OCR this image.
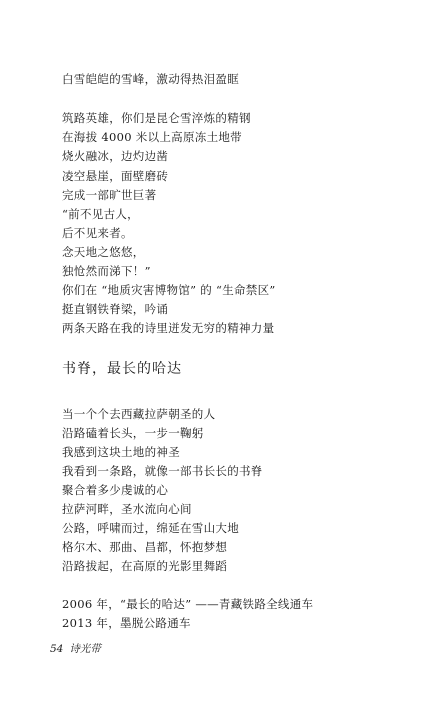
白雪皑皑的雪峰，激动得热泪盈眶
筑路英雄，你们是昆仑雪淬炼的精钢
在海拔 4000 米以上高原冻土地带
烧火融冰，边灼边凿
凌空悬崖，面壁磨砖
完成一部旷世巨著
“前不见古人，
后不见来者。
念天地之悠悠，
独怆然而涕下！”
你们在 “地质灾害博物馆” 的 “生命禁区”
挺直钢铁脊梁，吟诵
两条天路在我的诗里迸发无穷的精神力量
书脊，最长的哈达
当一个个去西藏拉萨朝圣的人
沿路磕着长头，一步一鞠躬
我感到这块土地的神圣
我看到一条路，就像一部书长长的书脊
聚合着多少虔诚的心
拉萨河畔，圣水流向心间
公路，呼啸而过，绵延在雪山大地
格尔木、那曲、昌都，怀抱梦想
沿路拔起，在高原的光影里舞蹈
2006 年，“最长的哈达” ——青藏铁路全线通车
2013 年，墨脱公路通车
54 诗光带
